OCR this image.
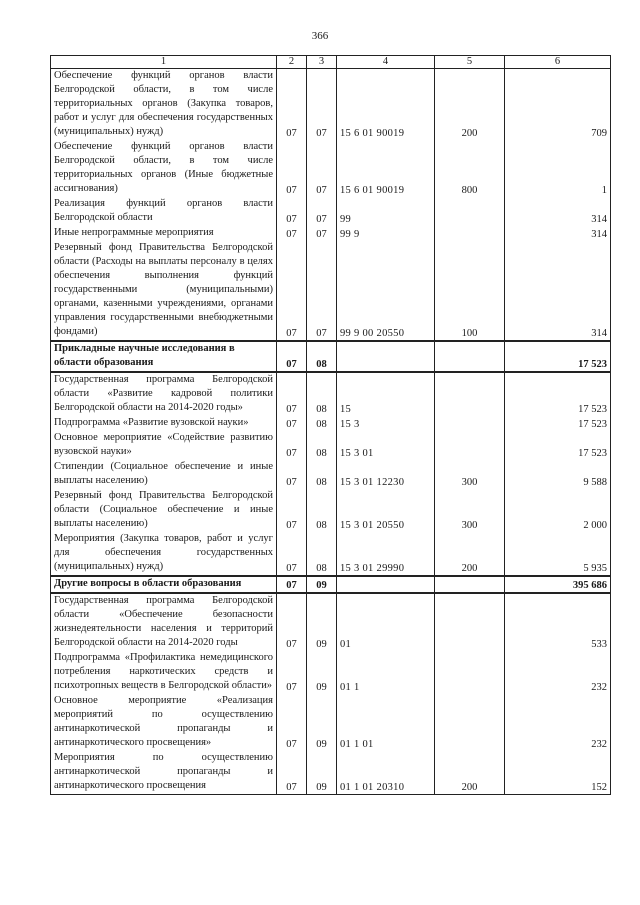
366
1	2	3	4	5	6
Обеспечение функций органов власти Белгородской области, в том числе территориальных органов (Закупка товаров, работ и услуг для обеспечения государственных (муниципальных) нужд)	07	07	15 6 01 90019	200	709
Обеспечение функций органов власти Белгородской области, в том числе территориальных органов (Иные бюджетные ассигнования)	07	07	15 6 01 90019	800	1
Реализация функций органов власти Белгородской области	07	07	99		314
Иные непрограммные мероприятия	07	07	99 9		314
Резервный фонд Правительства Белгородской области (Расходы на выплаты персоналу в целях обеспечения выполнения функций государственными (муниципальными) органами, казенными учреждениями, органами управления государственными внебюджетными фондами)	07	07	99 9 00 20550	100	314
Прикладные научные исследования в области образования	07	08			17 523
Государственная программа Белгородской области «Развитие кадровой политики Белгородской области на 2014-2020 годы»	07	08	15		17 523
Подпрограмма «Развитие вузовской науки»	07	08	15 3		17 523
Основное мероприятие «Содействие развитию вузовской науки»	07	08	15 3 01		17 523
Стипендии (Социальное обеспечение и иные выплаты населению)	07	08	15 3 01 12230	300	9 588
Резервный фонд Правительства Белгородской области (Социальное обеспечение и иные выплаты населению)	07	08	15 3 01 20550	300	2 000
Мероприятия (Закупка товаров, работ и услуг для обеспечения государственных (муниципальных) нужд)	07	08	15 3 01 29990	200	5 935
Другие вопросы в области образования	07	09			395 686
Государственная программа Белгородской области «Обеспечение безопасности жизнедеятельности населения и территорий Белгородской области на 2014-2020 годы	07	09	01		533
Подпрограмма «Профилактика немедицинского потребления наркотических средств и психотропных веществ в Белгородской области»	07	09	01 1		232
Основное мероприятие «Реализация мероприятий по осуществлению антинаркотической пропаганды и антинаркотического просвещения»	07	09	01 1 01		232
Мероприятия по осуществлению антинаркотической пропаганды и антинаркотического просвещения	07	09	01 1 01 20310	200	152
